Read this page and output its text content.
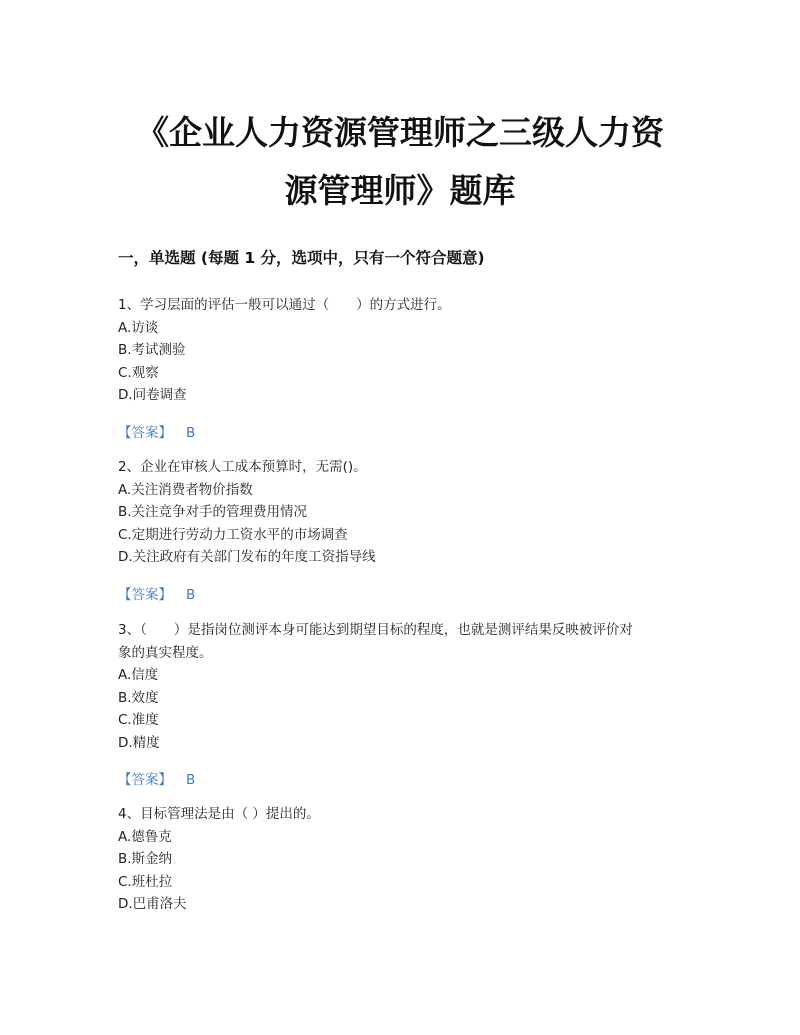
《企业人力资源管理师之三级人力资
源管理师》题库
一，单选题 (每题 1 分，选项中，只有一个符合题意)

1、学习层面的评估一般可以通过（　　）的方式进行。

A.访谈

B.考试测验

C.观察

D.问卷调查

【答案】 B

2、企业在审核人工成本预算时，无需()。

A.关注消费者物价指数

B.关注竞争对手的管理费用情况

C.定期进行劳动力工资水平的市场调查

D.关注政府有关部门发布的年度工资指导线

【答案】 B

3、（　　）是指岗位测评本身可能达到期望目标的程度，也就是测评结果反映被评价对

象的真实程度。

A.信度

B.效度

C.准度

D.精度

【答案】 B

4、目标管理法是由（ ）提出的。

A.德鲁克

B.斯金纳

C.班杜拉

D.巴甫洛夫
